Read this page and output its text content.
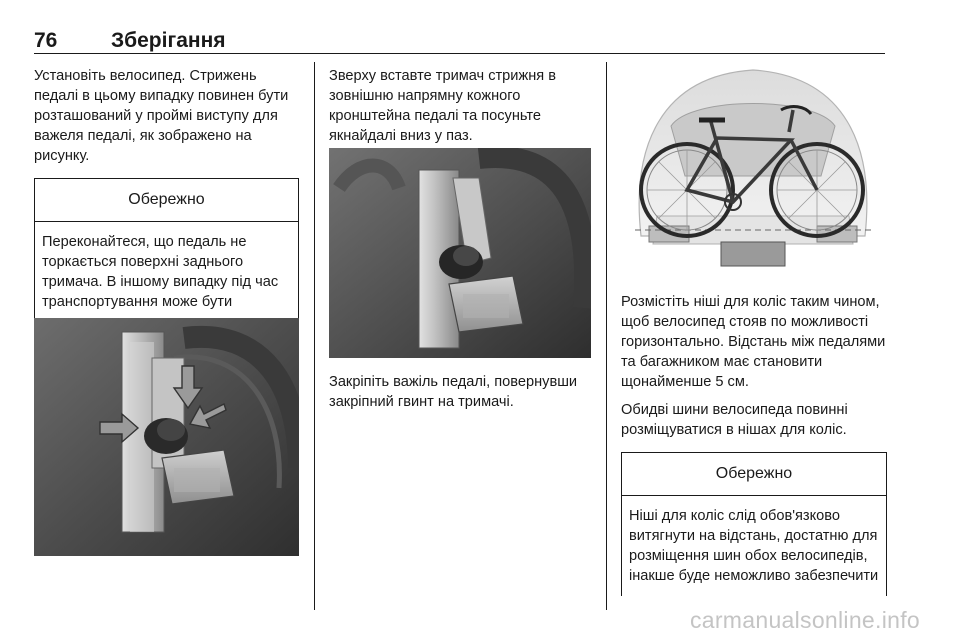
76	Зберігання

Установіть велосипед. Стрижень педалі в цьому випадку повинен бути розташований у проймі виступу для важеля педалі, як зображено на рисунку.

Обережно
Переконайтеся, що педаль не торкається поверхні заднього тримача. В іншому випадку під час транспортування може бути

Зверху вставте тримач стрижня в зовнішню напрямну кожного кронштейна педалі та посуньте якнайдалі вниз у паз.

Закріпіть важіль педалі, повернувши закріпний гвинт на тримачі.

Розмістіть ніші для коліс таким чином, щоб велосипед стояв по можливості горизонтально. Відстань між педалями та багажником має становити щонайменше 5 см.

Обидві шини велосипеда повинні розміщуватися в нішах для коліс.

Обережно
Ніші для коліс слід обов'язково витягнути на відстань, достатню для розміщення шин обох велосипедів, інакше буде неможливо забезпечити
carmanualsonline.info
